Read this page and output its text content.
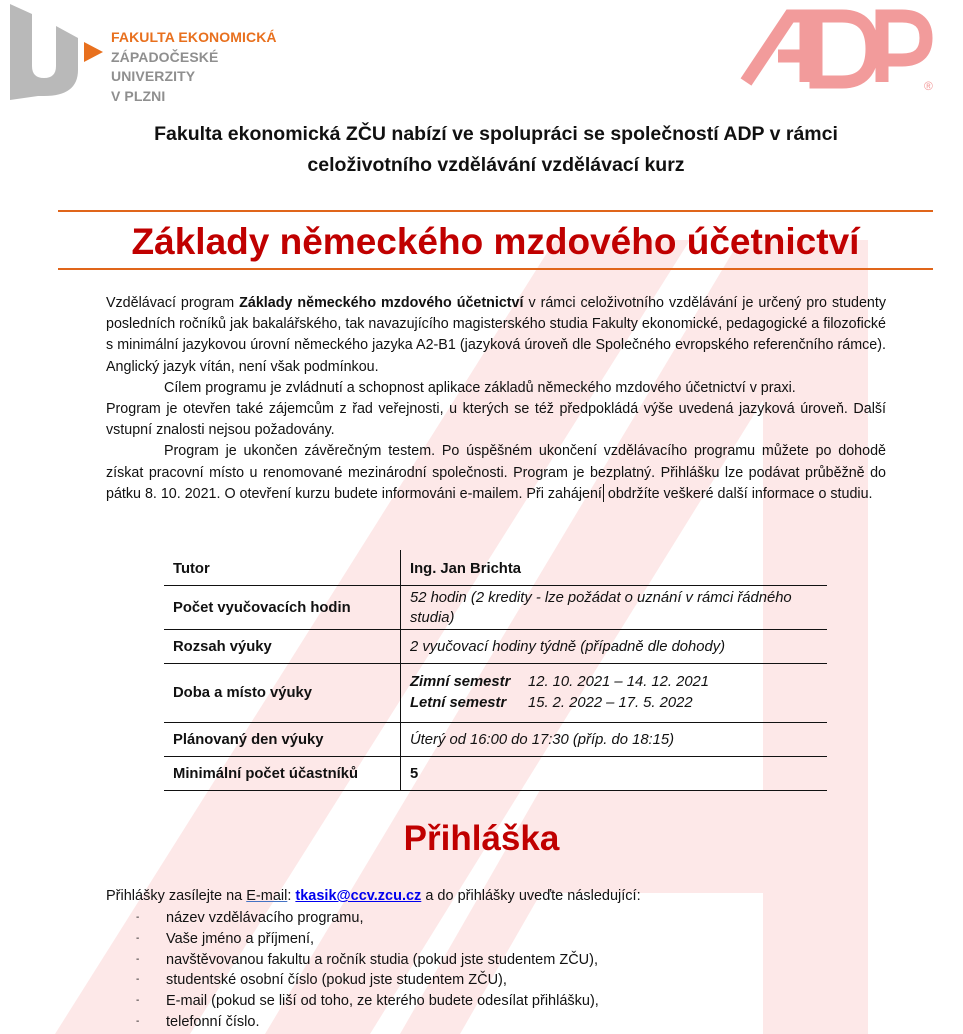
FAKULTA EKONOMICKÁ
ZÁPADOČESKÉ
UNIVERZITY
V PLZNI
®
Fakulta ekonomická ZČU nabízí ve spolupráci se společností ADP v rámci
celoživotního vzdělávání vzdělávací kurz
Základy německého mzdového účetnictví

Vzdělávací program Základy německého mzdového účetnictví v rámci celoživotního vzdělávání je určený pro studenty posledních ročníků jak bakalářského, tak navazujícího magisterského studia Fakulty ekonomické, pedagogické a filozofické s minimální jazykovou úrovní německého jazyka A2-B1 (jazyková úroveň dle Společného evropského referenčního rámce). Anglický jazyk vítán, není však podmínkou.

Cílem programu je zvládnutí a schopnost aplikace základů německého mzdového účetnictví v praxi.

Program je otevřen také zájemcům z řad veřejnosti, u kterých se též předpokládá výše uvedená jazyková úroveň. Další vstupní znalosti nejsou požadovány.

Program je ukončen závěrečným testem. Po úspěšném ukončení vzdělávacího programu můžete po dohodě získat pracovní místo u renomované mezinárodní společnosti. Program je bezplatný. Přihlášku lze podávat průběžně do pátku 8. 10. 2021. O otevření kurzu budete informováni e-mailem. Při zahájení obdržíte veškeré další informace o studiu.

Tutor	Ing. Jan Brichta
Počet vyučovacích hodin	52 hodin (2 kredity - lze požádat o uznání v rámci řádného studia)
Rozsah výuky	2 vyučovací hodiny týdně (případně dle dohody)
Doba a místo výuky	Zimní semestr 12. 10. 2021 – 14. 12. 2021
Letní semestr 15. 2. 2022 – 17. 5. 2022

Plánovaný den výuky	Úterý od 16:00 do 17:30 (příp. do 18:15)
Minimální počet účastníků	5
Přihláška
Přihlášky zasílejte na E-mail: tkasik@ccv.zcu.cz a do přihlášky uveďte následující:
- název vzdělávacího programu,
- Vaše jméno a příjmení,
- navštěvovanou fakultu a ročník studia (pokud jste studentem ZČU),
- studentské osobní číslo (pokud jste studentem ZČU),
- E-mail (pokud se liší od toho, ze kterého budete odesílat přihlášku),
- telefonní číslo.
